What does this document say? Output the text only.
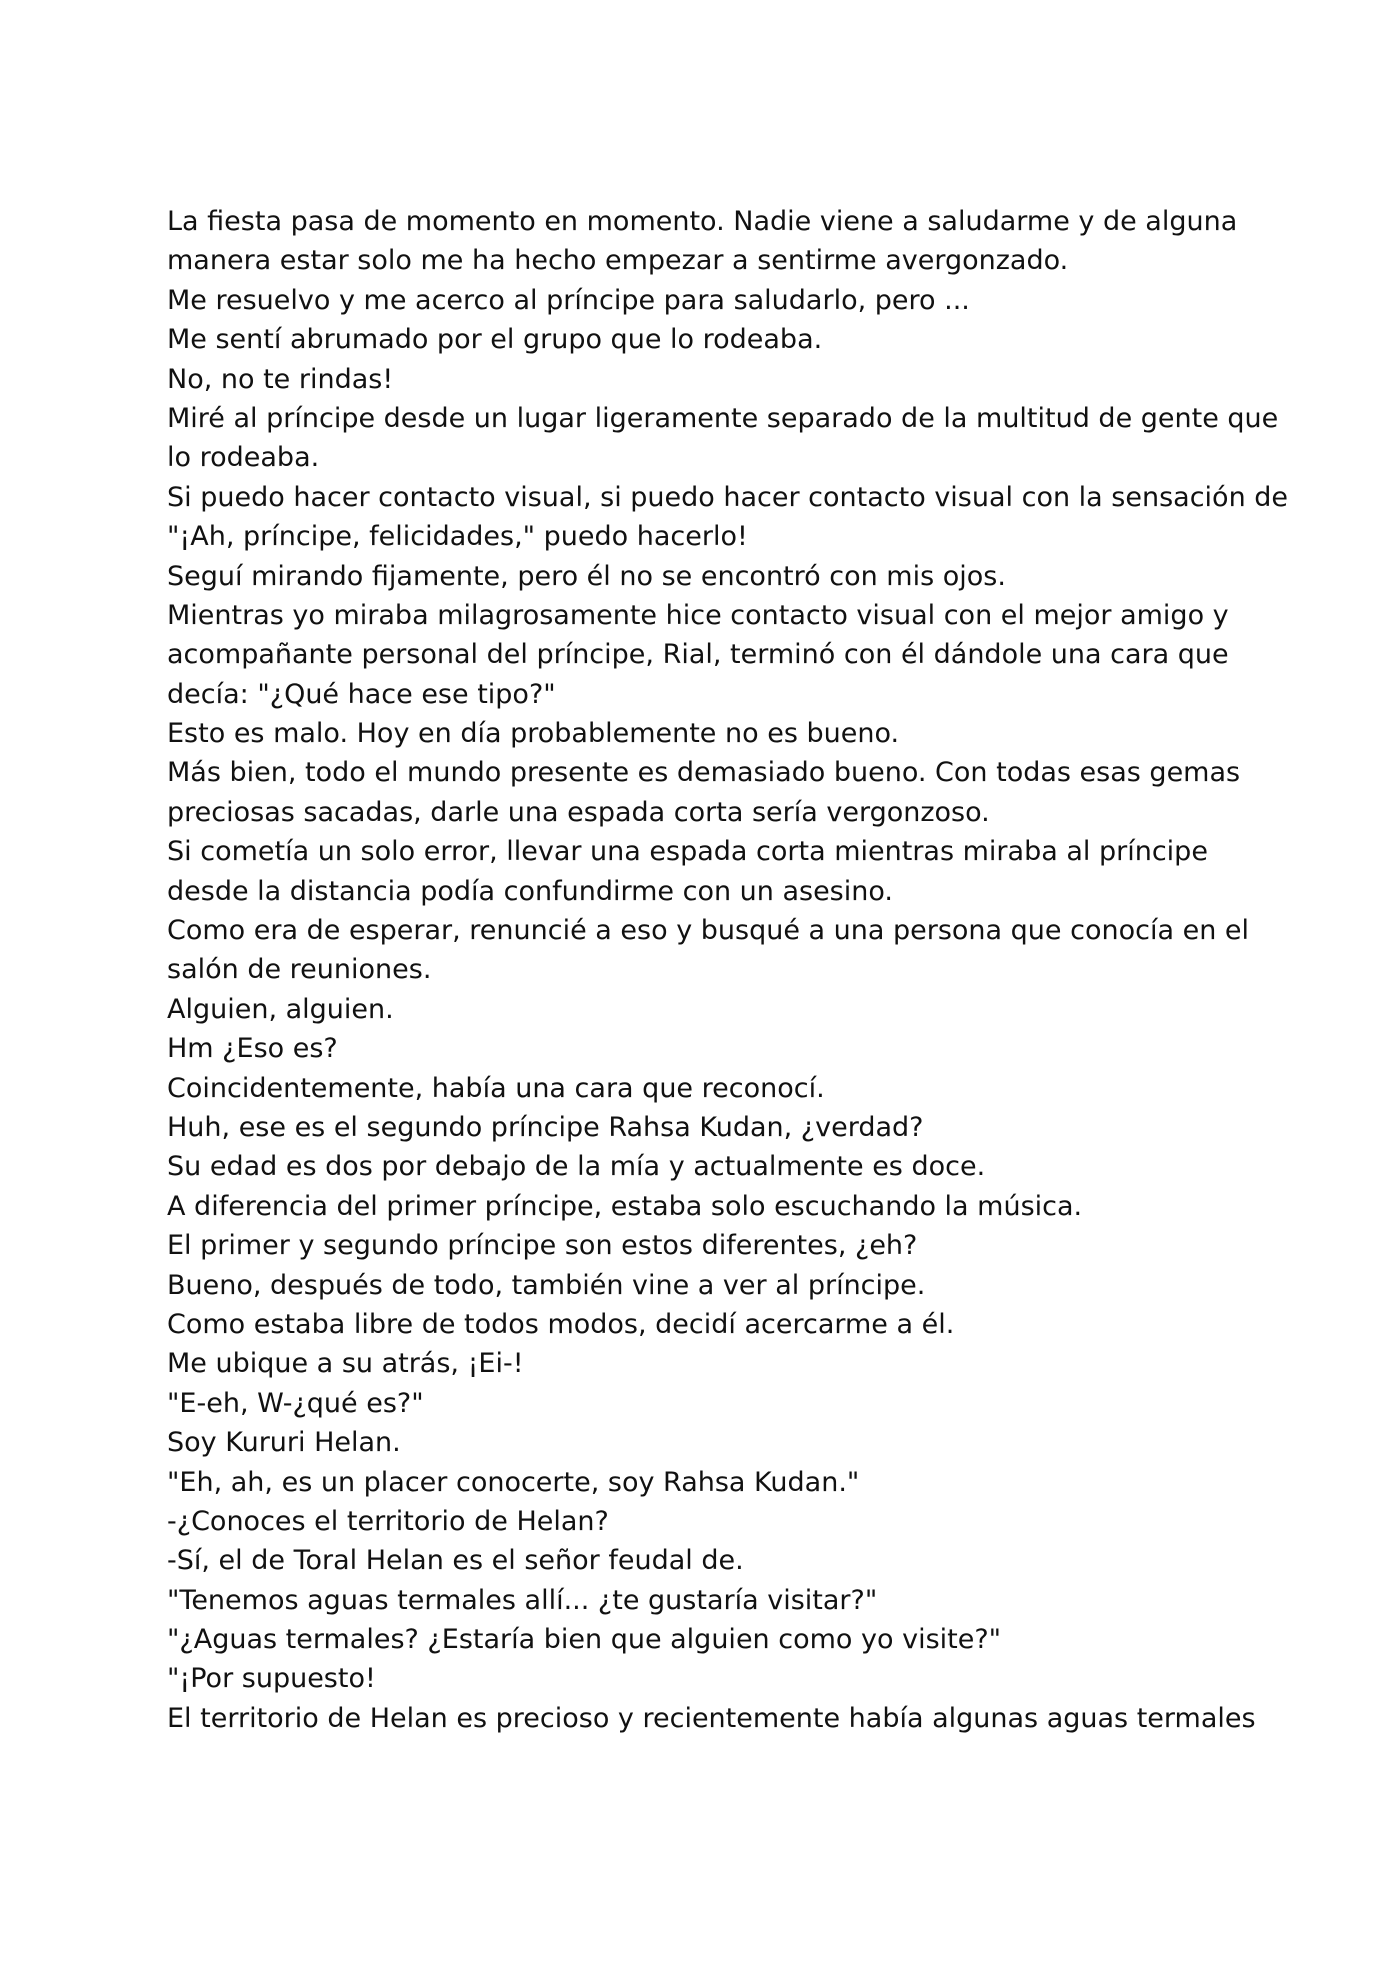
La fiesta pasa de momento en momento. Nadie viene a saludarme y de alguna
manera estar solo me ha hecho empezar a sentirme avergonzado.
Me resuelvo y me acerco al príncipe para saludarlo, pero ...
Me sentí abrumado por el grupo que lo rodeaba.
No, no te rindas!
Miré al príncipe desde un lugar ligeramente separado de la multitud de gente que
lo rodeaba.
Si puedo hacer contacto visual, si puedo hacer contacto visual con la sensación de
"¡Ah, príncipe, felicidades," puedo hacerlo!
Seguí mirando fijamente, pero él no se encontró con mis ojos.
Mientras yo miraba milagrosamente hice contacto visual con el mejor amigo y
acompañante personal del príncipe, Rial, terminó con él dándole una cara que
decía: "¿Qué hace ese tipo?"
Esto es malo. Hoy en día probablemente no es bueno.
Más bien, todo el mundo presente es demasiado bueno. Con todas esas gemas
preciosas sacadas, darle una espada corta sería vergonzoso.
Si cometía un solo error, llevar una espada corta mientras miraba al príncipe
desde la distancia podía confundirme con un asesino.
Como era de esperar, renuncié a eso y busqué a una persona que conocía en el
salón de reuniones.
Alguien, alguien.
Hm ¿Eso es?
Coincidentemente, había una cara que reconocí.
Huh, ese es el segundo príncipe Rahsa Kudan, ¿verdad?
Su edad es dos por debajo de la mía y actualmente es doce.
A diferencia del primer príncipe, estaba solo escuchando la música.
El primer y segundo príncipe son estos diferentes, ¿eh?
Bueno, después de todo, también vine a ver al príncipe.
Como estaba libre de todos modos, decidí acercarme a él.
Me ubique a su atrás, ¡Ei-!
"E-eh, W-¿qué es?"
Soy Kururi Helan.
"Eh, ah, es un placer conocerte, soy Rahsa Kudan."
-¿Conoces el territorio de Helan?
-Sí, el de Toral Helan es el señor feudal de.
"Tenemos aguas termales allí... ¿te gustaría visitar?"
"¿Aguas termales? ¿Estaría bien que alguien como yo visite?"
"¡Por supuesto!
El territorio de Helan es precioso y recientemente había algunas aguas termales
